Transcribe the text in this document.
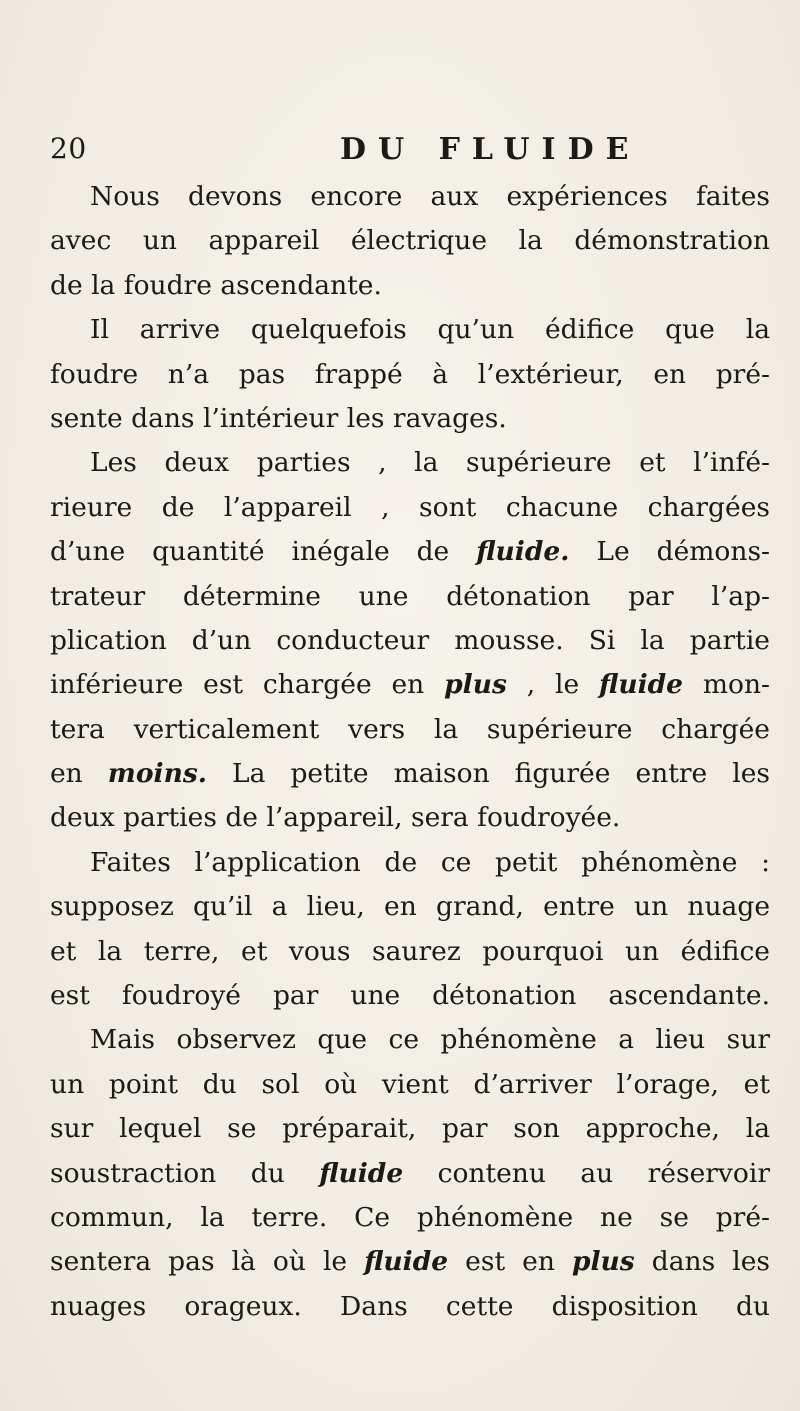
20	DU FLUIDE
Nous devons encore aux expériences faites
avec un appareil électrique la démonstration
de la foudre ascendante.
Il arrive quelquefois qu’un édifice que la
foudre n’a pas frappé à l’extérieur, en pré-
sente dans l’intérieur les ravages.
Les deux parties , la supérieure et l’infé-
rieure de l’appareil , sont chacune chargées
d’une quantité inégale de fluide. Le démons-
trateur détermine une détonation par l’ap-
plication d’un conducteur mousse. Si la partie
inférieure est chargée en plus , le fluide mon-
tera verticalement vers la supérieure chargée
en moins. La petite maison figurée entre les
deux parties de l’appareil, sera foudroyée.
Faites l’application de ce petit phénomène :
supposez qu’il a lieu, en grand, entre un nuage
et la terre, et vous saurez pourquoi un édifice
est foudroyé par une détonation ascendante.
Mais observez que ce phénomène a lieu sur
un point du sol où vient d’arriver l’orage, et
sur lequel se préparait, par son approche, la
soustraction du fluide contenu au réservoir
commun, la terre. Ce phénomène ne se pré-
sentera pas là où le fluide est en plus dans les
nuages orageux. Dans cette disposition du
